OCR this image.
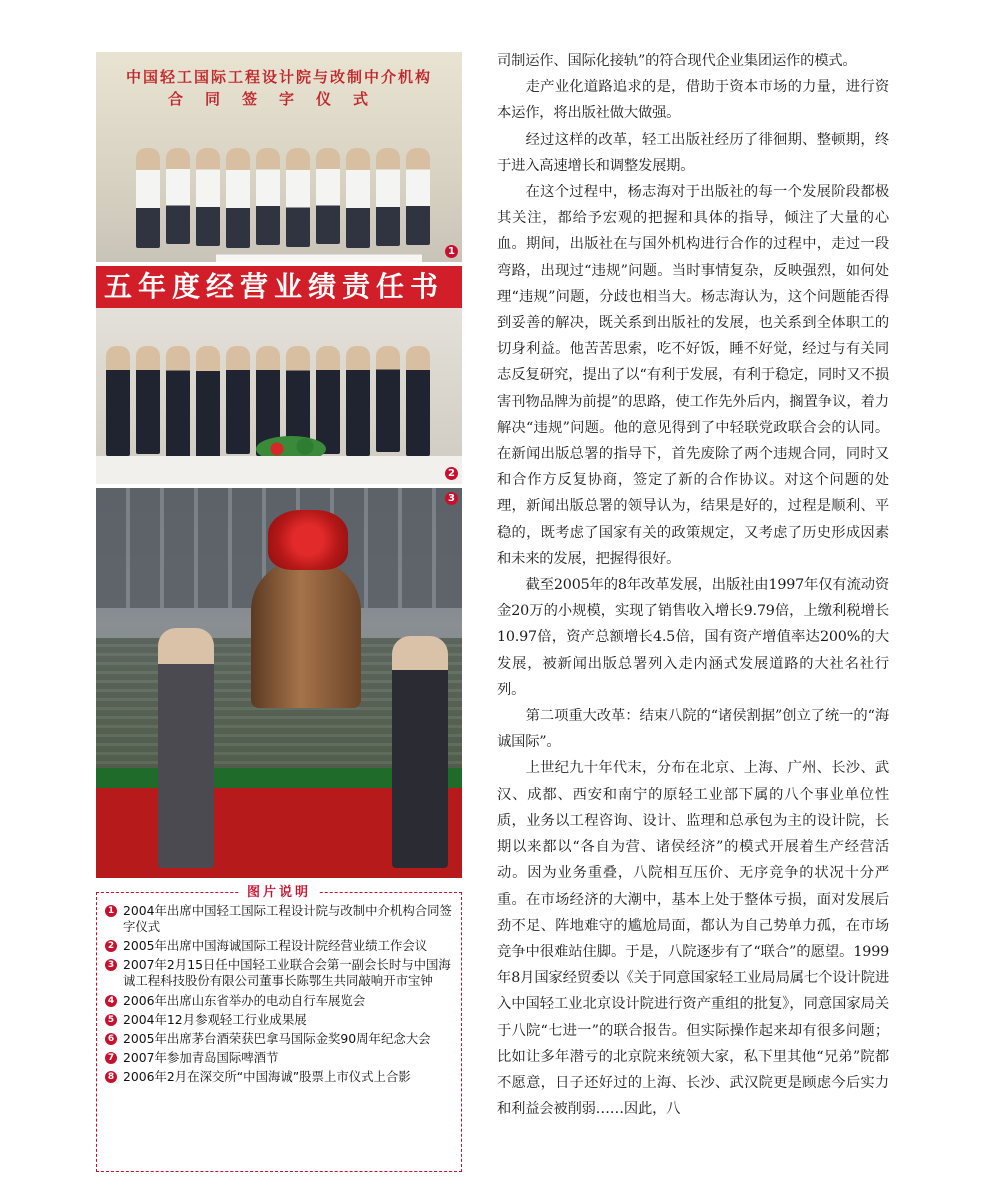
中国轻工国际工程设计院与改制中介机构
合同签字仪式
1
五年度经营业绩责任书
2
3
图片说明
1 2004年出席中国轻工国际工程设计院与改制中介机构合同签字仪式
2 2005年出席中国海诚国际工程设计院经营业绩工作会议
3 2007年2月15日任中国轻工业联合会第一副会长时与中国海诚工程科技股份有限公司董事长陈鄂生共同敲响开市宝钟
4 2006年出席山东省举办的电动自行车展览会
5 2004年12月参观轻工行业成果展
6 2005年出席茅台酒荣获巴拿马国际金奖90周年纪念大会
7 2007年参加青岛国际啤酒节
8 2006年2月在深交所“中国海诚”股票上市仪式上合影

司制运作、国际化接轨”的符合现代企业集团运作的模式。

走产业化道路追求的是，借助于资本市场的力量，进行资本运作，将出版社做大做强。

经过这样的改革，轻工出版社经历了徘徊期、整顿期，终于进入高速增长和调整发展期。

在这个过程中，杨志海对于出版社的每一个发展阶段都极其关注，都给予宏观的把握和具体的指导，倾注了大量的心血。期间，出版社在与国外机构进行合作的过程中，走过一段弯路，出现过“违规”问题。当时事情复杂，反映强烈，如何处理“违规”问题，分歧也相当大。杨志海认为，这个问题能否得到妥善的解决，既关系到出版社的发展，也关系到全体职工的切身利益。他苦苦思索，吃不好饭，睡不好觉，经过与有关同志反复研究，提出了以“有利于发展，有利于稳定，同时又不损害刊物品牌为前提”的思路，使工作先外后内，搁置争议，着力解决“违规”问题。他的意见得到了中轻联党政联合会的认同。在新闻出版总署的指导下，首先废除了两个违规合同，同时又和合作方反复协商，签定了新的合作协议。对这个问题的处理，新闻出版总署的领导认为，结果是好的，过程是顺利、平稳的，既考虑了国家有关的政策规定，又考虑了历史形成因素和未来的发展，把握得很好。

截至2005年的8年改革发展，出版社由1997年仅有流动资金20万的小规模，实现了销售收入增长9.79倍，上缴利税增长10.97倍，资产总额增长4.5倍，国有资产增值率达200%的大发展，被新闻出版总署列入走内涵式发展道路的大社名社行列。

第二项重大改革：结束八院的“诸侯割据”创立了统一的“海诚国际”。

上世纪九十年代末，分布在北京、上海、广州、长沙、武汉、成都、西安和南宁的原轻工业部下属的八个事业单位性质，业务以工程咨询、设计、监理和总承包为主的设计院，长期以来都以“各自为营、诸侯经济”的模式开展着生产经营活动。因为业务重叠，八院相互压价、无序竞争的状况十分严重。在市场经济的大潮中，基本上处于整体亏损，面对发展后劲不足、阵地难守的尴尬局面，都认为自己势单力孤，在市场竞争中很难站住脚。于是，八院逐步有了“联合”的愿望。1999年8月国家经贸委以《关于同意国家轻工业局局属七个设计院进入中国轻工业北京设计院进行资产重组的批复》，同意国家局关于八院“七进一”的联合报告。但实际操作起来却有很多问题；比如让多年潜亏的北京院来统领大家，私下里其他“兄弟”院都不愿意，日子还好过的上海、长沙、武汉院更是顾虑今后实力和利益会被削弱……因此，八
